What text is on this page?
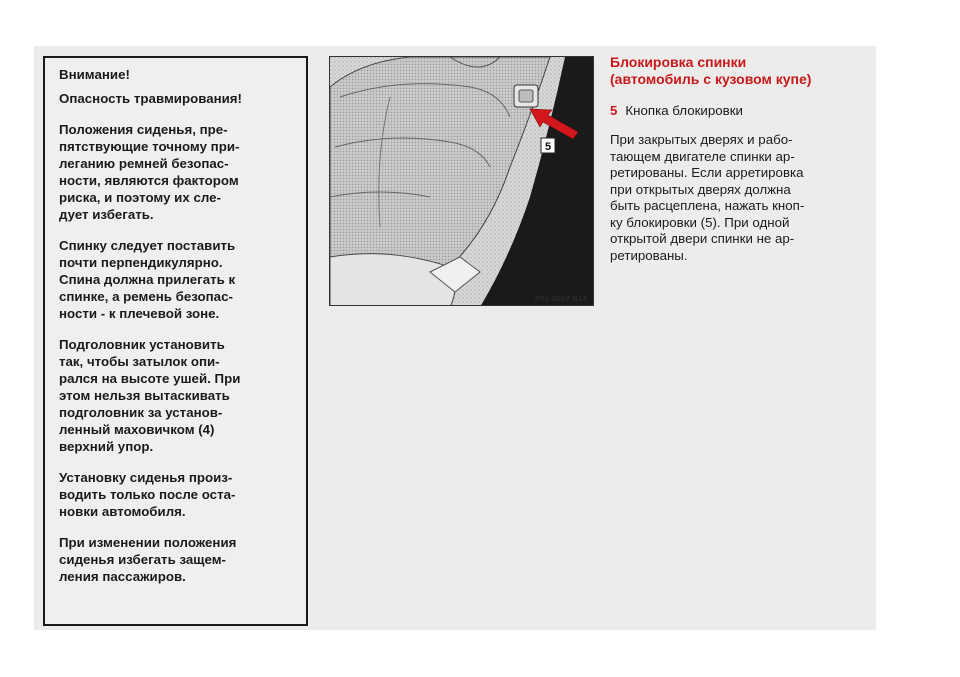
Внимание!

Опасность травмирования!

Положения сиденья, пре-
пятствующие точному при-
леганию ремней безопас-
ности, являются фактором
риска, и поэтому их сле-
дует избегать.

Спинку следует поставить
почти перпендикулярно.
Спина должна прилегать к
спинке, а ремень безопас-
ности - к плечевой зоне.

Подголовник установить
так, чтобы затылок опи-
рался на высоте ушей. При
этом нельзя вытаскивать
подголовник за установ-
ленный маховичком (4)
верхний упор.

Установку сиденья произ-
водить только после оста-
новки автомобиля.

При изменении положения
сиденья избегать защем-
ления пассажиров.

5
P51-8097-B13

Блокировка спинки
(автомобиль с кузовом купе)

5 Кнопка блокировки
При закрытых дверях и рабо-
тающем двигателе спинки ар-
ретированы. Если арретировка
при открытых дверях должна
быть расцеплена, нажать кноп-
ку блокировки (5). При одной
открытой двери спинки не ар-
ретированы.
